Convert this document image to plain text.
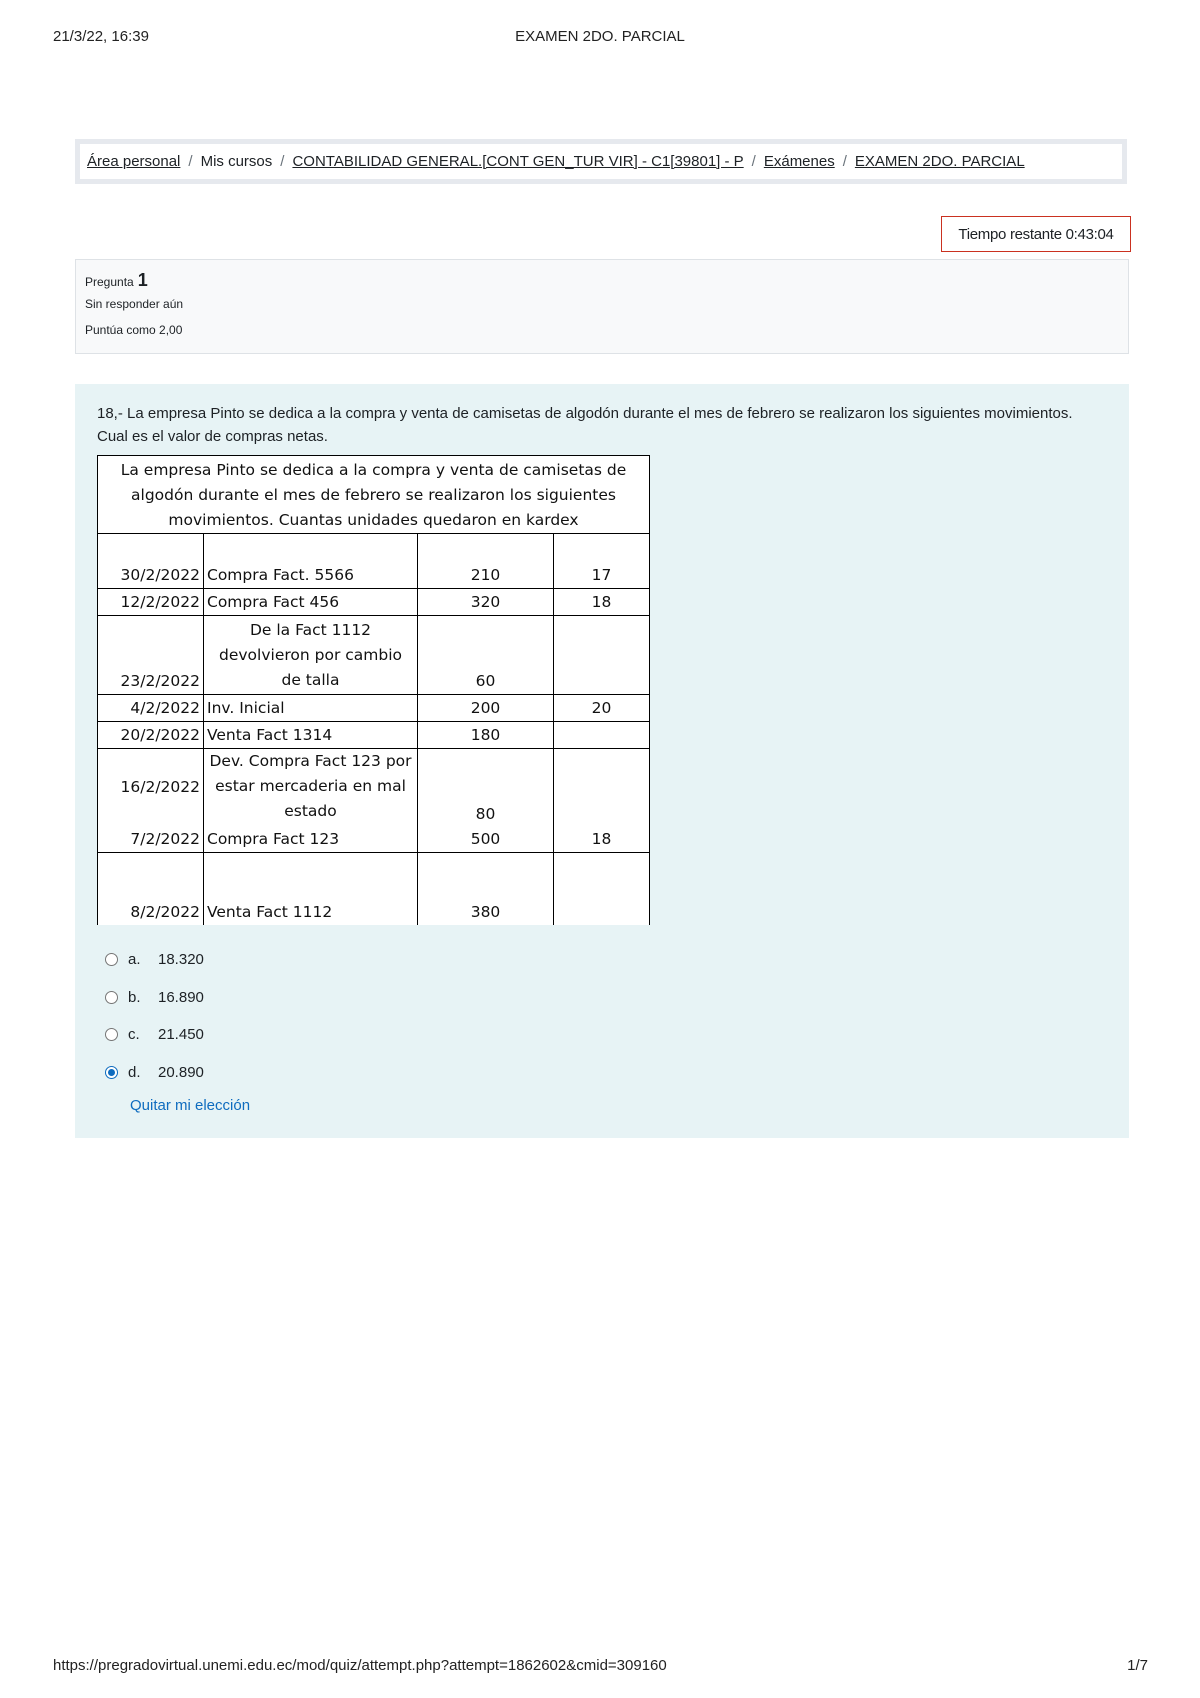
21/3/22, 16:39	EXAMEN 2DO. PARCIAL
Área personal / Mis cursos / CONTABILIDAD GENERAL.[CONT GEN_TUR VIR] - C1[39801] - P / Exámenes / EXAMEN 2DO. PARCIAL
Tiempo restante 0:43:04
Pregunta 1
Sin responder aún
Puntúa como 2,00
18,- La empresa Pinto se dedica a la compra y venta de camisetas de algodón durante el mes de febrero se realizaron los siguientes movimientos. Cual es el valor de compras netas.
La empresa Pinto se dedica a la compra y venta de camisetas de algodón durante el mes de febrero se realizaron los siguientes movimientos. Cuantas unidades quedaron en kardex			
30/2/2022	Compra Fact. 5566	210	17
12/2/2022	Compra Fact 456	320	18
23/2/2022	De la Fact 1112 devolvieron por cambio de talla	60	
4/2/2022	Inv. Inicial	200	20
20/2/2022	Venta Fact 1314	180	
16/2/2022	Dev. Compra Fact 123 por estar mercaderia en mal estado	80	
7/2/2022	Compra Fact 123	500	18
8/2/2022	Venta Fact 1112	380	
a.	18.320
b.	16.890
c.	21.450
d.	20.890
Quitar mi elección
https://pregradovirtual.unemi.edu.ec/mod/quiz/attempt.php?attempt=1862602&cmid=309160	1/7
